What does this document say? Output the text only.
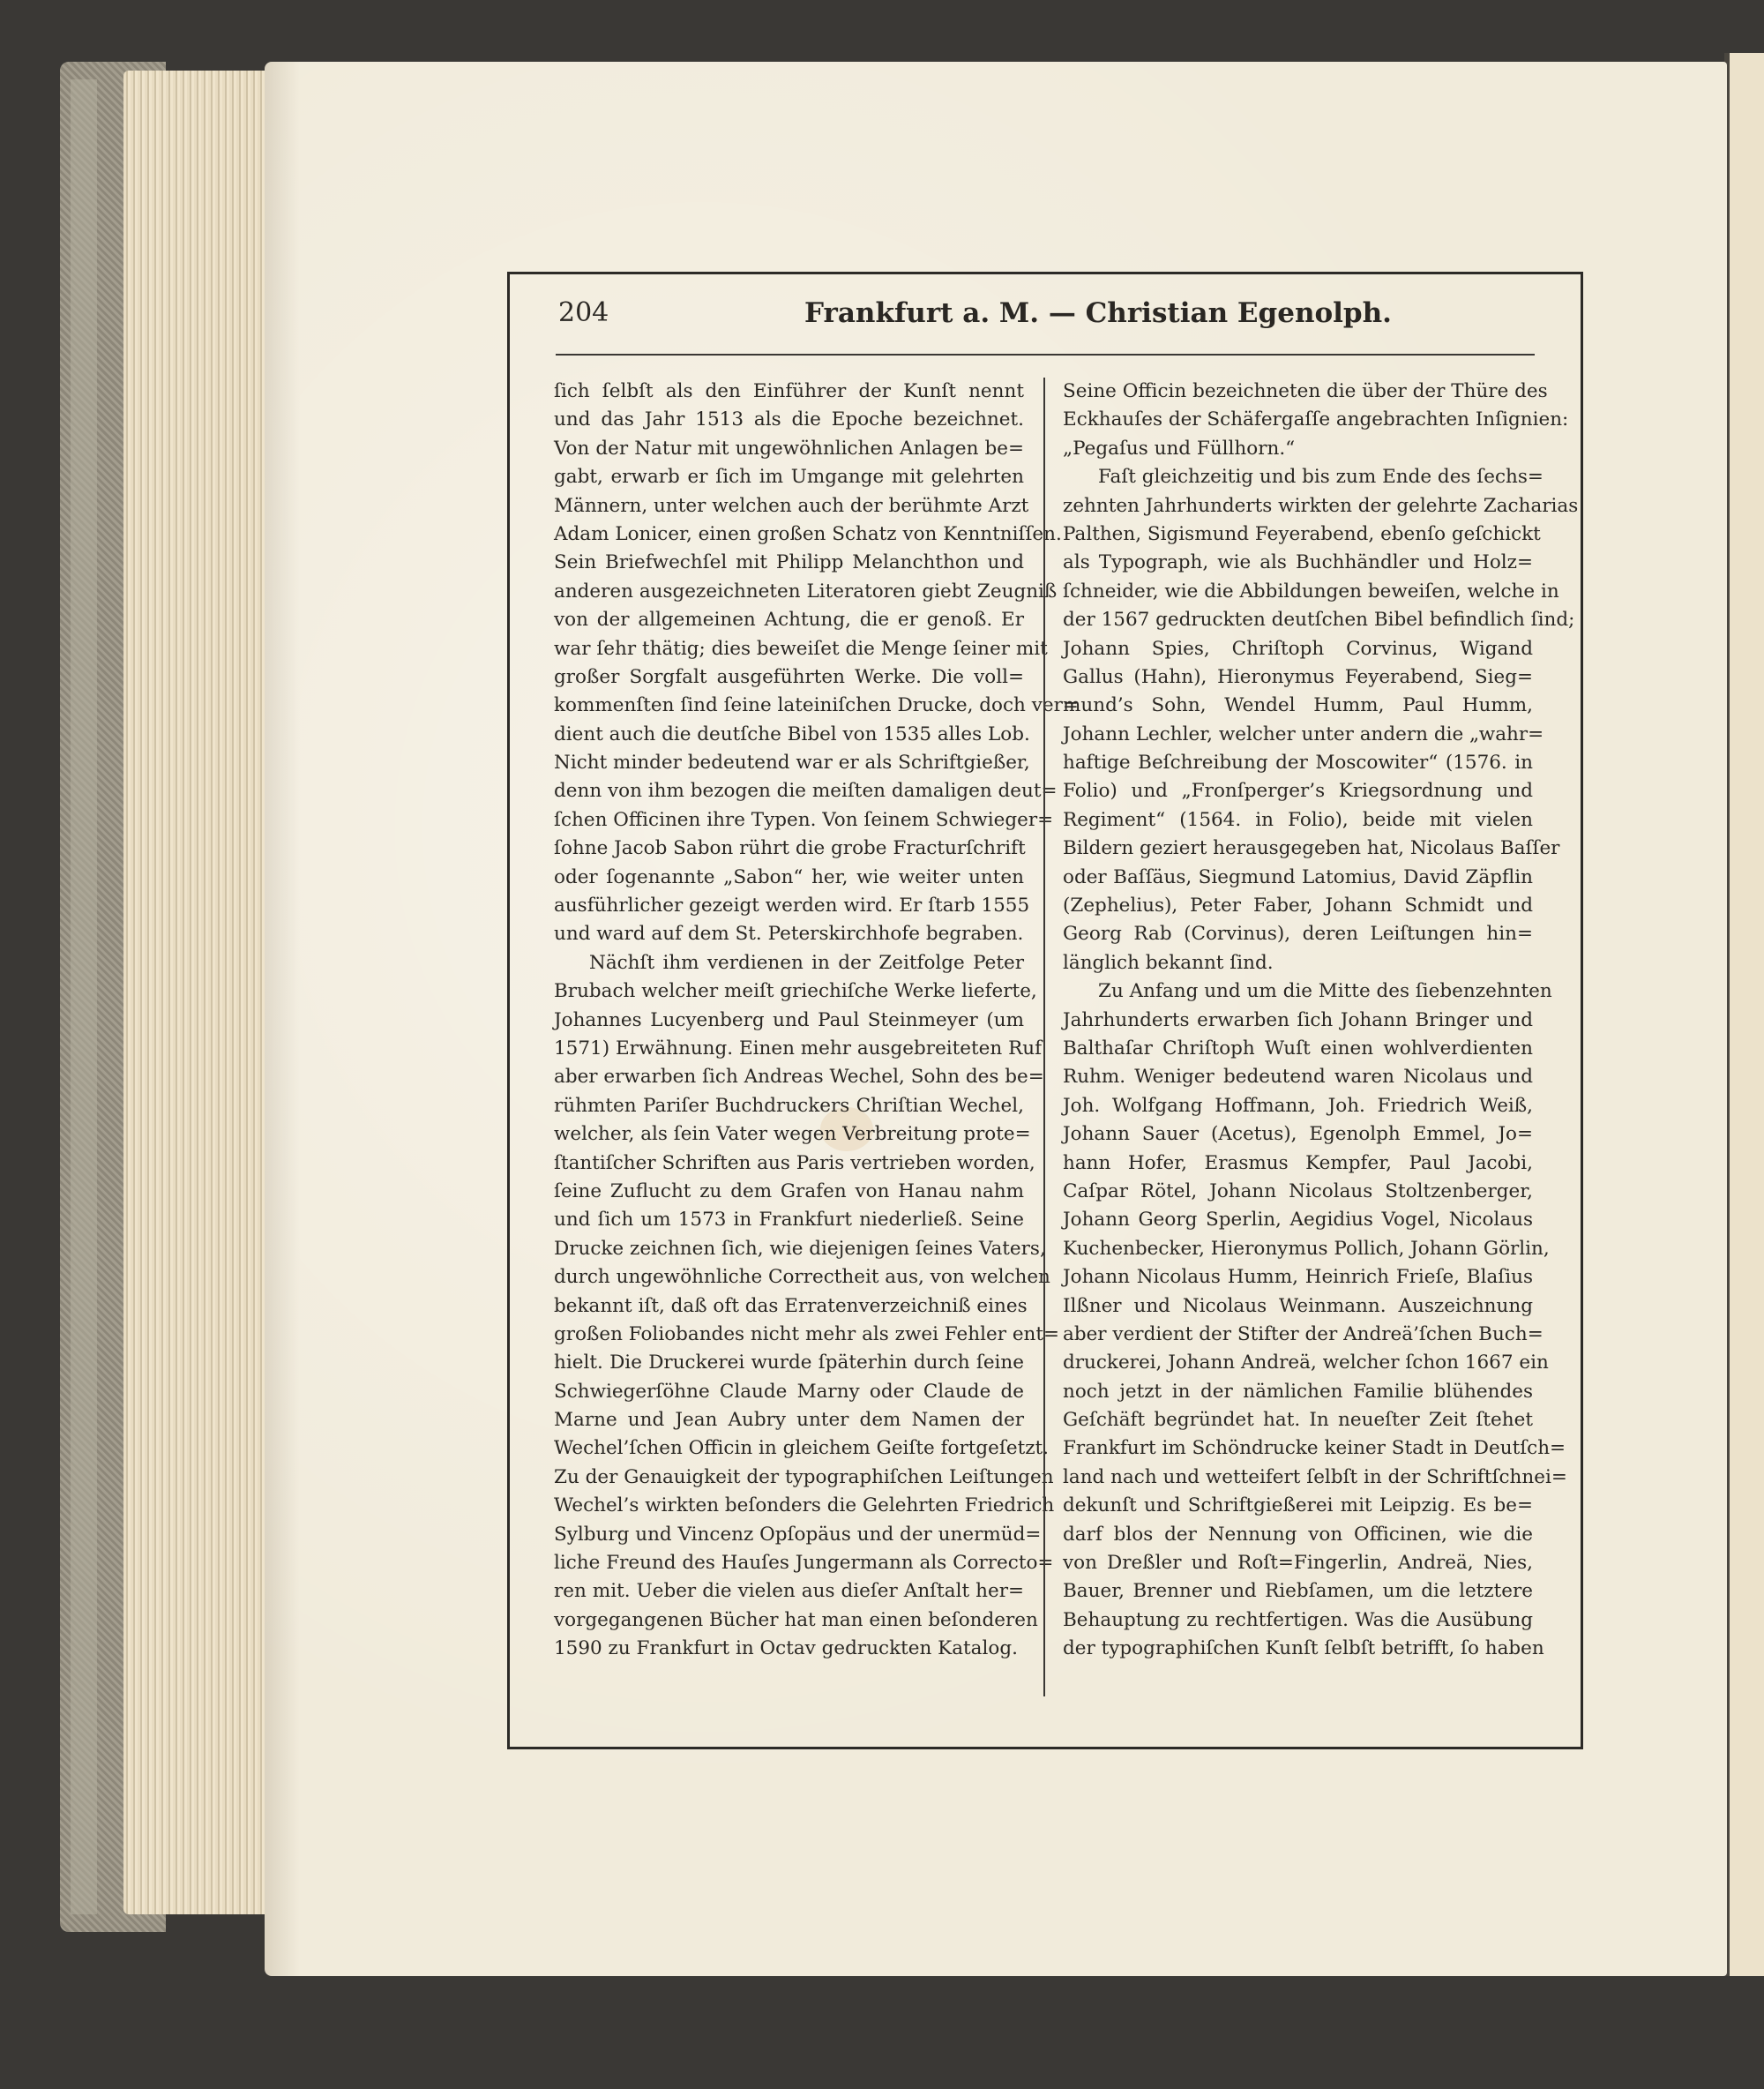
204	Frankfurt a. M. — Christian Egenolph.
ſich ſelbſt als den Einführer der Kunſt nennt
und das Jahr 1513 als die Epoche bezeichnet.
Von der Natur mit ungewöhnlichen Anlagen be=
gabt, erwarb er ſich im Umgange mit gelehrten
Männern, unter welchen auch der berühmte Arzt
Adam Lonicer, einen großen Schatz von Kenntniſſen.
Sein Briefwechſel mit Philipp Melanchthon und
anderen ausgezeichneten Literatoren giebt Zeugniß
von der allgemeinen Achtung, die er genoß. Er
war ſehr thätig; dies beweiſet die Menge ſeiner mit
großer Sorgfalt ausgeführten Werke. Die voll=
kommenſten ſind ſeine lateiniſchen Drucke, doch ver=
dient auch die deutſche Bibel von 1535 alles Lob.
Nicht minder bedeutend war er als Schriftgießer,
denn von ihm bezogen die meiſten damaligen deut=
ſchen Officinen ihre Typen. Von ſeinem Schwieger=
ſohne Jacob Sabon rührt die grobe Fracturſchrift
oder ſogenannte „Sabon“ her, wie weiter unten
ausführlicher gezeigt werden wird. Er ſtarb 1555
und ward auf dem St. Peterskirchhofe begraben.
Nächſt ihm verdienen in der Zeitfolge Peter
Brubach welcher meiſt griechiſche Werke lieferte,
Johannes Lucyenberg und Paul Steinmeyer (um
1571) Erwähnung. Einen mehr ausgebreiteten Ruf
aber erwarben ſich Andreas Wechel, Sohn des be=
rühmten Pariſer Buchdruckers Chriſtian Wechel,
welcher, als ſein Vater wegen Verbreitung prote=
ſtantiſcher Schriften aus Paris vertrieben worden,
ſeine Zuflucht zu dem Grafen von Hanau nahm
und ſich um 1573 in Frankfurt niederließ. Seine
Drucke zeichnen ſich, wie diejenigen ſeines Vaters,
durch ungewöhnliche Correctheit aus, von welchen
bekannt iſt, daß oft das Erratenverzeichniß eines
großen Foliobandes nicht mehr als zwei Fehler ent=
hielt. Die Druckerei wurde ſpäterhin durch ſeine
Schwiegerſöhne Claude Marny oder Claude de
Marne und Jean Aubry unter dem Namen der
Wechel’ſchen Officin in gleichem Geiſte fortgeſetzt.
Zu der Genauigkeit der typographiſchen Leiſtungen
Wechel’s wirkten beſonders die Gelehrten Friedrich
Sylburg und Vincenz Opſopäus und der unermüd=
liche Freund des Hauſes Jungermann als Correcto=
ren mit. Ueber die vielen aus dieſer Anſtalt her=
vorgegangenen Bücher hat man einen beſonderen
1590 zu Frankfurt in Octav gedruckten Katalog.
Seine Officin bezeichneten die über der Thüre des
Eckhauſes der Schäfergaſſe angebrachten Inſignien:
„Pegaſus und Füllhorn.“
Faſt gleichzeitig und bis zum Ende des ſechs=
zehnten Jahrhunderts wirkten der gelehrte Zacharias
Palthen, Sigismund Feyerabend, ebenſo geſchickt
als Typograph, wie als Buchhändler und Holz=
ſchneider, wie die Abbildungen beweiſen, welche in
der 1567 gedruckten deutſchen Bibel befindlich ſind;
Johann Spies, Chriſtoph Corvinus, Wigand
Gallus (Hahn), Hieronymus Feyerabend, Sieg=
mund’s Sohn, Wendel Humm, Paul Humm,
Johann Lechler, welcher unter andern die „wahr=
haftige Beſchreibung der Moscowiter“ (1576. in
Folio) und „Fronſperger’s Kriegsordnung und
Regiment“ (1564. in Folio), beide mit vielen
Bildern geziert herausgegeben hat, Nicolaus Baſſer
oder Baſſäus, Siegmund Latomius, David Zäpflin
(Zephelius), Peter Faber, Johann Schmidt und
Georg Rab (Corvinus), deren Leiſtungen hin=
länglich bekannt ſind.
Zu Anfang und um die Mitte des ſiebenzehnten
Jahrhunderts erwarben ſich Johann Bringer und
Balthaſar Chriſtoph Wuſt einen wohlverdienten
Ruhm. Weniger bedeutend waren Nicolaus und
Joh. Wolfgang Hoffmann, Joh. Friedrich Weiß,
Johann Sauer (Acetus), Egenolph Emmel, Jo=
hann Hofer, Erasmus Kempfer, Paul Jacobi,
Caſpar Rötel, Johann Nicolaus Stoltzenberger,
Johann Georg Sperlin, Aegidius Vogel, Nicolaus
Kuchenbecker, Hieronymus Pollich, Johann Görlin,
Johann Nicolaus Humm, Heinrich Frieſe, Blaſius
Ilßner und Nicolaus Weinmann. Auszeichnung
aber verdient der Stifter der Andreä’ſchen Buch=
druckerei, Johann Andreä, welcher ſchon 1667 ein
noch jetzt in der nämlichen Familie blühendes
Geſchäft begründet hat. In neueſter Zeit ſtehet
Frankfurt im Schöndrucke keiner Stadt in Deutſch=
land nach und wetteifert ſelbſt in der Schriftſchnei=
dekunſt und Schriftgießerei mit Leipzig. Es be=
darf blos der Nennung von Officinen, wie die
von Dreßler und Roſt=Fingerlin, Andreä, Nies,
Bauer, Brenner und Riebſamen, um die letztere
Behauptung zu rechtfertigen. Was die Ausübung
der typographiſchen Kunſt ſelbſt betrifft, ſo haben
